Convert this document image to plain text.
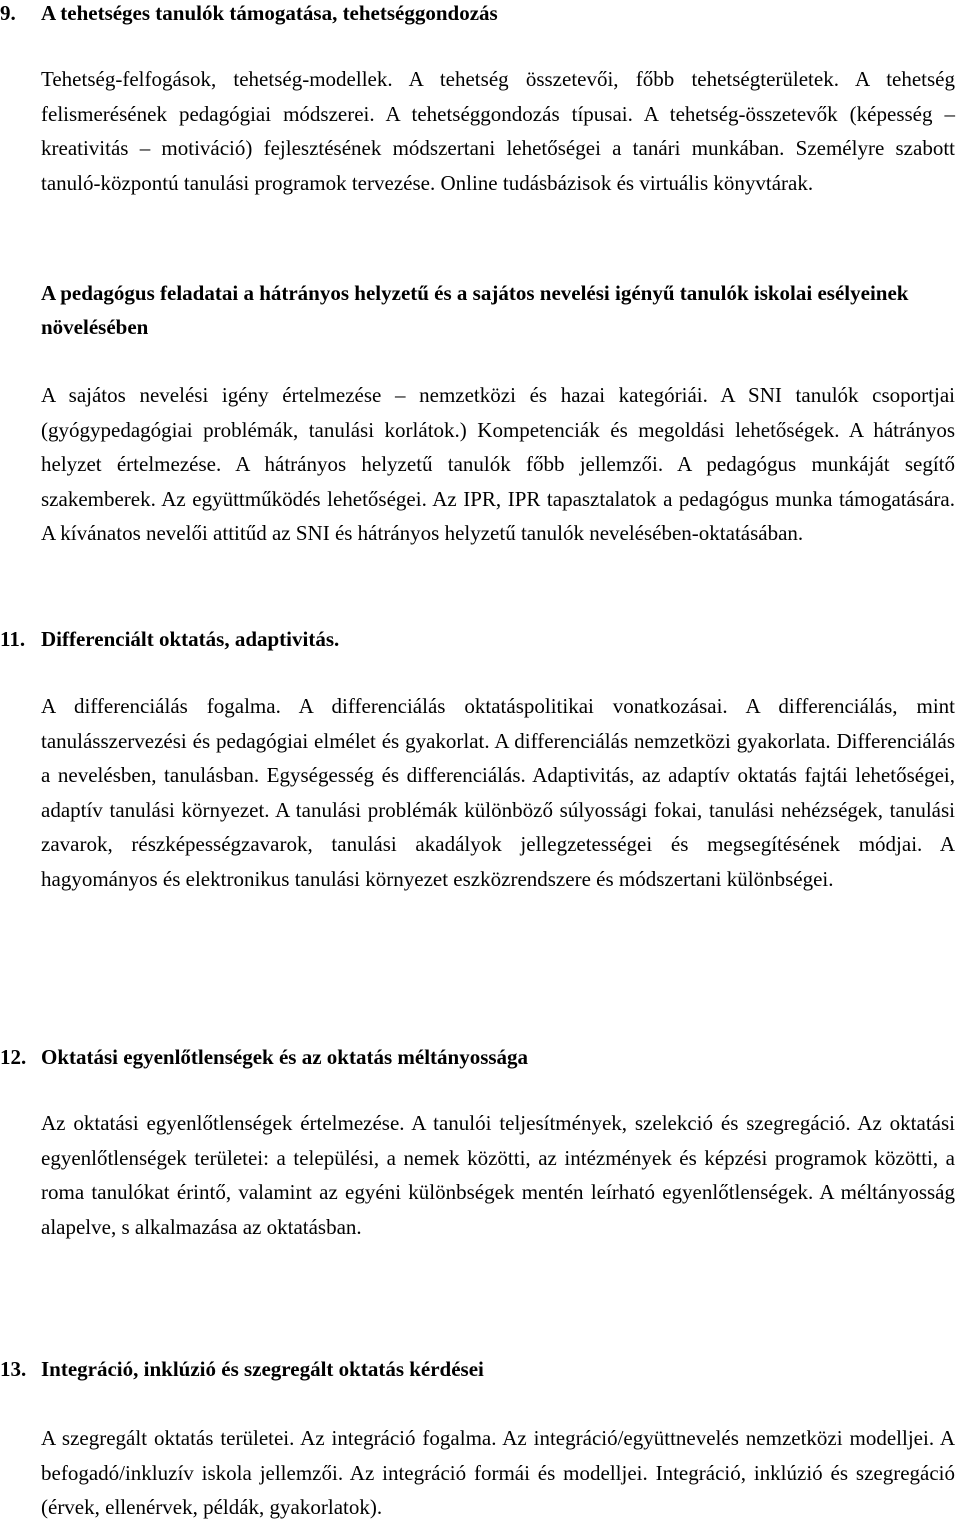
9. A tehetséges tanulók támogatása, tehetséggondozás

Tehetség-felfogások, tehetség-modellek. A tehetség összetevői, főbb tehetségterületek. A tehetség felismerésének pedagógiai módszerei. A tehetséggondozás típusai. A tehetség-összetevők (képesség – kreativitás – motiváció) fejlesztésének módszertani lehetőségei a tanári munkában. Személyre szabott tanuló-központú tanulási programok tervezése. Online tudásbázisok és virtuális könyvtárak.

A pedagógus feladatai a hátrányos helyzetű és a sajátos nevelési igényű tanulók iskolai esélyeinek növelésében

A sajátos nevelési igény értelmezése – nemzetközi és hazai kategóriái. A SNI tanulók csoportjai (gyógypedagógiai problémák, tanulási korlátok.) Kompetenciák és megoldási lehetőségek. A hátrányos helyzet értelmezése. A hátrányos helyzetű tanulók főbb jellemzői. A pedagógus munkáját segítő szakemberek. Az együttműködés lehetőségei. Az IPR, IPR tapasztalatok a pedagógus munka támogatására. A kívánatos nevelői attitűd az SNI és hátrányos helyzetű tanulók nevelésében-oktatásában.

11. Differenciált oktatás, adaptivitás.

A differenciálás fogalma. A differenciálás oktatáspolitikai vonatkozásai. A differenciálás, mint tanulásszervezési és pedagógiai elmélet és gyakorlat. A differenciálás nemzetközi gyakorlata. Differenciálás a nevelésben, tanulásban. Egységesség és differenciálás. Adaptivitás, az adaptív oktatás fajtái lehetőségei, adaptív tanulási környezet. A tanulási problémák különböző súlyossági fokai, tanulási nehézségek, tanulási zavarok, részképességzavarok, tanulási akadályok jellegzetességei és megsegítésének módjai. A hagyományos és elektronikus tanulási környezet eszközrendszere és módszertani különbségei.

12. Oktatási egyenlőtlenségek és az oktatás méltányossága

Az oktatási egyenlőtlenségek értelmezése. A tanulói teljesítmények, szelekció és szegregáció. Az oktatási egyenlőtlenségek területei: a települési, a nemek közötti, az intézmények és képzési programok közötti, a roma tanulókat érintő, valamint az egyéni különbségek mentén leírható egyenlőtlenségek. A méltányosság alapelve, s alkalmazása az oktatásban.

13. Integráció, inklúzió és szegregált oktatás kérdései

A szegregált oktatás területei. Az integráció fogalma. Az integráció/együttnevelés nemzetközi modelljei. A befogadó/inkluzív iskola jellemzői. Az integráció formái és modelljei. Integráció, inklúzió és szegregáció (érvek, ellenérvek, példák, gyakorlatok).
